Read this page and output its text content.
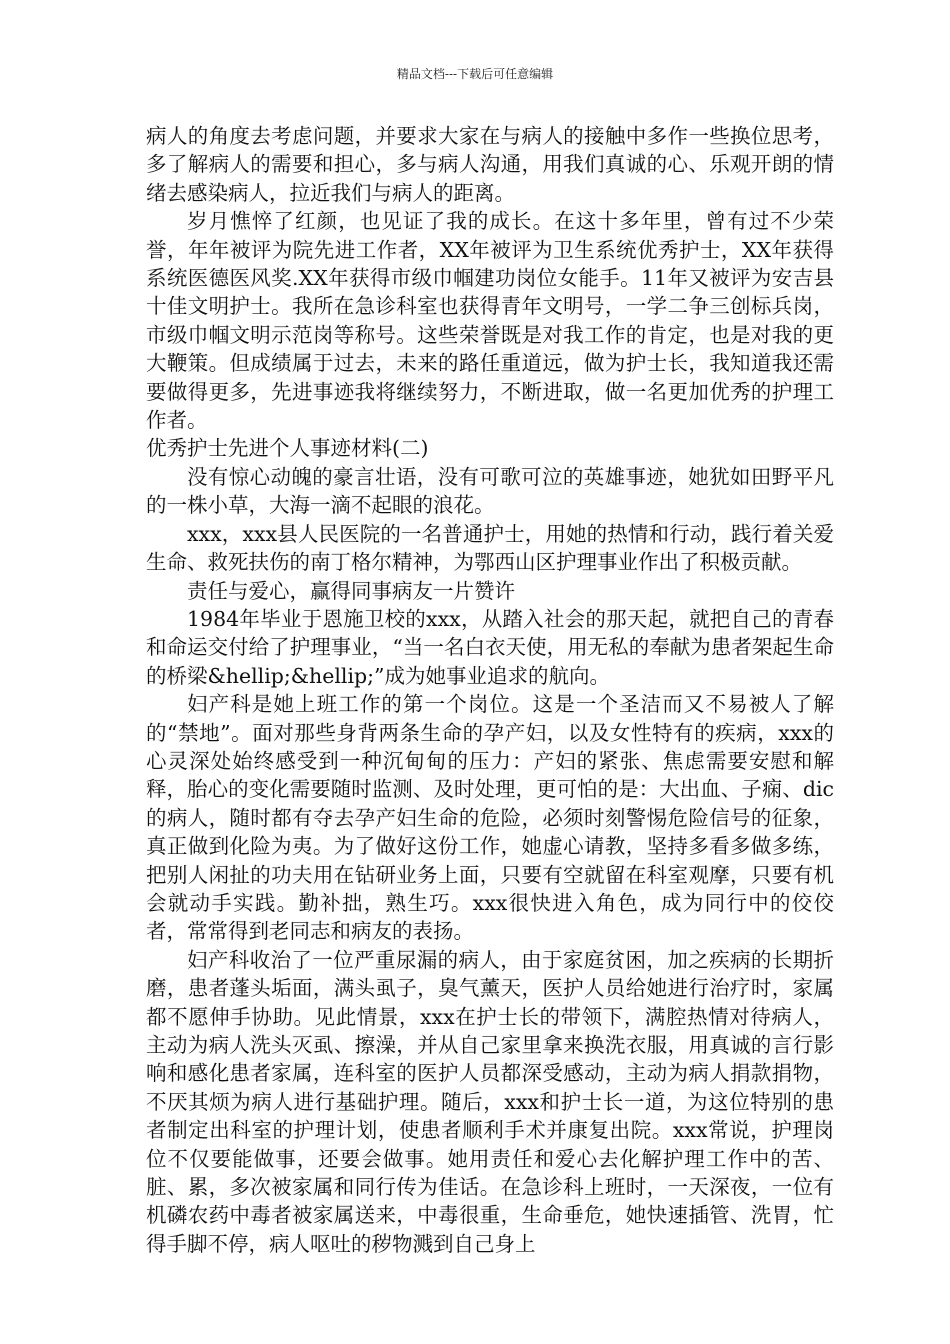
精品文档---下载后可任意编辑

病人的角度去考虑问题，并要求大家在与病人的接触中多作一些换位思考，多了解病人的需要和担心，多与病人沟通，用我们真诚的心、乐观开朗的情绪去感染病人，拉近我们与病人的距离。

岁月憔悴了红颜，也见证了我的成长。在这十多年里，曾有过不少荣誉，年年被评为院先进工作者，XX年被评为卫生系统优秀护士，XX年获得系统医德医风奖.XX年获得市级巾帼建功岗位女能手。11年又被评为安吉县十佳文明护士。我所在急诊科室也获得青年文明号，一学二争三创标兵岗，市级巾帼文明示范岗等称号。这些荣誉既是对我工作的肯定，也是对我的更大鞭策。但成绩属于过去，未来的路任重道远，做为护士长，我知道我还需要做得更多，先进事迹我将继续努力，不断进取，做一名更加优秀的护理工作者。

优秀护士先进个人事迹材料(二)

没有惊心动魄的豪言壮语，没有可歌可泣的英雄事迹，她犹如田野平凡的一株小草，大海一滴不起眼的浪花。

xxx，xxx县人民医院的一名普通护士，用她的热情和行动，践行着关爱生命、救死扶伤的南丁格尔精神，为鄂西山区护理事业作出了积极贡献。

责任与爱心，赢得同事病友一片赞许

1984年毕业于恩施卫校的xxx，从踏入社会的那天起，就把自己的青春和命运交付给了护理事业，“当一名白衣天使，用无私的奉献为患者架起生命的桥梁&hellip;&hellip;”成为她事业追求的航向。

妇产科是她上班工作的第一个岗位。这是一个圣洁而又不易被人了解的“禁地”。面对那些身背两条生命的孕产妇，以及女性特有的疾病，xxx的心灵深处始终感受到一种沉甸甸的压力：产妇的紧张、焦虑需要安慰和解释，胎心的变化需要随时监测、及时处理，更可怕的是：大出血、子痫、dic的病人，随时都有夺去孕产妇生命的危险，必须时刻警惕危险信号的征象，真正做到化险为夷。为了做好这份工作，她虚心请教，坚持多看多做多练，把别人闲扯的功夫用在钻研业务上面，只要有空就留在科室观摩，只要有机会就动手实践。勤补拙，熟生巧。xxx很快进入角色，成为同行中的佼佼者，常常得到老同志和病友的表扬。

妇产科收治了一位严重尿漏的病人，由于家庭贫困，加之疾病的长期折磨，患者蓬头垢面，满头虱子，臭气薰天，医护人员给她进行治疗时，家属都不愿伸手协助。见此情景，xxx在护士长的带领下，满腔热情对待病人，主动为病人洗头灭虱、擦澡，并从自己家里拿来换洗衣服，用真诚的言行影响和感化患者家属，连科室的医护人员都深受感动，主动为病人捐款捐物，不厌其烦为病人进行基础护理。随后，xxx和护士长一道，为这位特别的患者制定出科室的护理计划，使患者顺利手术并康复出院。xxx常说，护理岗位不仅要能做事，还要会做事。她用责任和爱心去化解护理工作中的苦、脏、累，多次被家属和同行传为佳话。在急诊科上班时，一天深夜，一位有机磷农药中毒者被家属送来，中毒很重，生命垂危，她快速插管、洗胃，忙得手脚不停，病人呕吐的秽物溅到自己身上
